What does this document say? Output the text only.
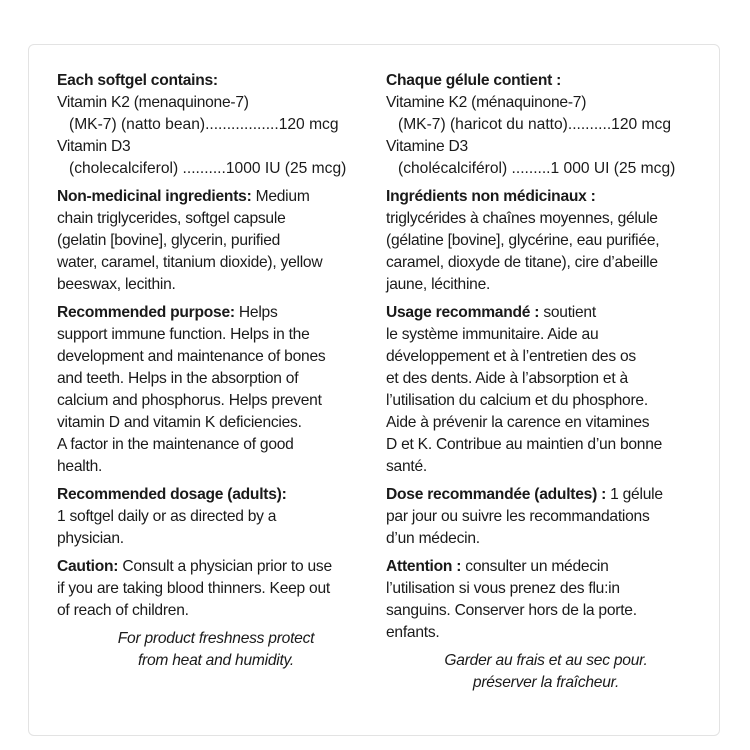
Each softgel contains:
Vitamin K2 (menaquinone-7)
(MK-7) (natto bean).................120 mcg
Vitamin D3
(cholecalciferol) ..........1000 IU (25 mcg)
Non-medicinal ingredients: Medium
chain triglycerides, softgel capsule
(gelatin [bovine], glycerin, purified
water, caramel, titanium dioxide), yellow
beeswax, lecithin.
Recommended purpose: Helps
support immune function. Helps in the
development and maintenance of bones
and teeth. Helps in the absorption of
calcium and phosphorus. Helps prevent
vitamin D and vitamin K deficiencies.
A factor in the maintenance of good
health.
Recommended dosage (adults):
1 softgel daily or as directed by a
physician.
Caution: Consult a physician prior to use
if you are taking blood thinners. Keep out
of reach of children.
For product freshness protect
from heat and humidity.
Chaque gélule contient :
Vitamine K2 (ménaquinone-7)
(MK-7) (haricot du natto)..........120 mcg
Vitamine D3
(cholécalciférol) .........1 000 UI (25 mcg)
Ingrédients non médicinaux :
triglycérides à chaînes moyennes, gélule
(gélatine [bovine], glycérine, eau purifiée,
caramel, dioxyde de titane), cire d’abeille
jaune, lécithine.
Usage recommandé : soutient
le système immunitaire. Aide au
développement et à l’entretien des os
et des dents. Aide à l’absorption et à
l’utilisation du calcium et du phosphore.
Aide à prévenir la carence en vitamines
D et K. Contribue au maintien d’un bonne
santé.
Dose recommandée (adultes) : 1 gélule
par jour ou suivre les recommandations
d’un médecin.
Attention : consulter un médecin
l’utilisation si vous prenez des flu:in
sanguins. Conserver hors de la porte.
enfants.
Garder au frais et au sec pour.
préserver la fraîcheur.
